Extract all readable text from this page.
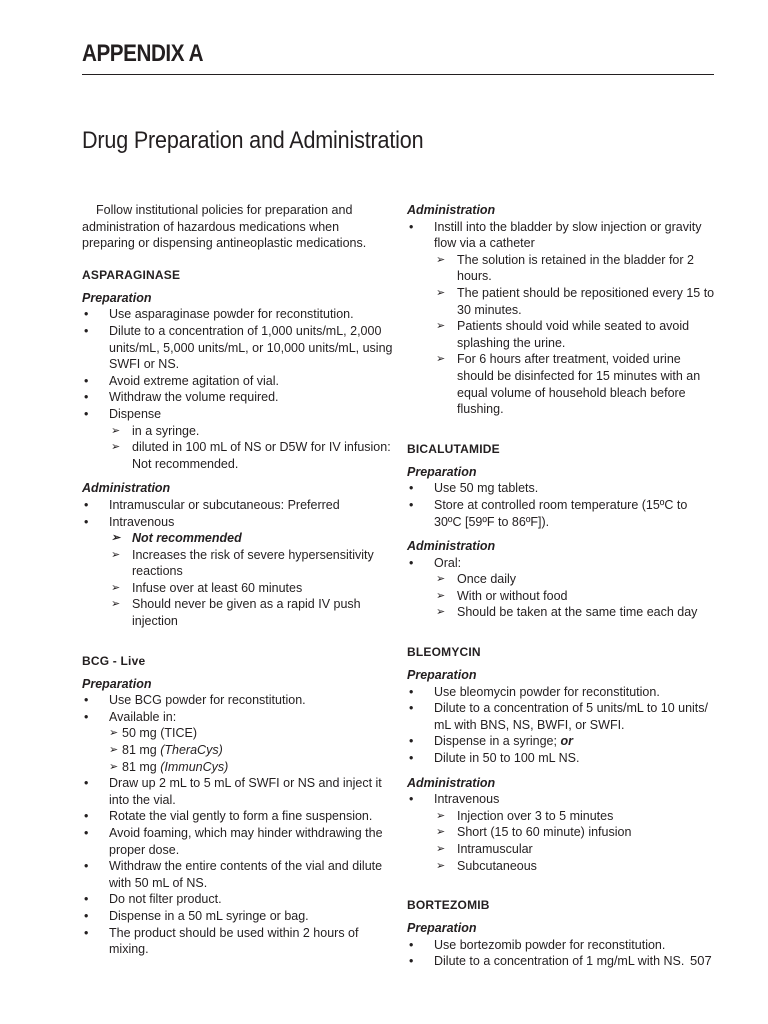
APPENDIX A
Drug Preparation and Administration

Follow institutional policies for preparation and administration of hazardous medications when preparing or dispensing antineoplastic medications.

ASPARAGINASE
Preparation
• Use asparaginase powder for reconstitution.
• Dilute to a concentration of 1,000 units/mL, 2,000 units/mL, 5,000 units/mL, or 10,000 units/mL, using SWFI or NS.
• Avoid extreme agitation of vial.
• Withdraw the volume required.
• Dispense
➢ in a syringe.
➢ diluted in 100 mL of NS or D5W for IV infusion: Not recommended.
Administration
• Intramuscular or subcutaneous: Preferred
• Intravenous
➢ Not recommended
➢ Increases the risk of severe hypersensitivity reactions
➢ Infuse over at least 60 minutes
➢ Should never be given as a rapid IV push injection
BCG - Live
Preparation
• Use BCG powder for reconstitution.
• Available in:
➢ 50 mg (TICE)
➢ 81 mg (TheraCys)
➢ 81 mg (ImmunCys)
• Draw up 2 mL to 5 mL of SWFI or NS and inject it into the vial.
• Rotate the vial gently to form a fine suspension.
• Avoid foaming, which may hinder withdrawing the proper dose.
• Withdraw the entire contents of the vial and dilute with 50 mL of NS.
• Do not filter product.
• Dispense in a 50 mL syringe or bag.
• The product should be used within 2 hours of mixing.
Administration
• Instill into the bladder by slow injection or gravity flow via a catheter
➢ The solution is retained in the bladder for 2 hours.
➢ The patient should be repositioned every 15 to 30 minutes.
➢ Patients should void while seated to avoid splashing the urine.
➢ For 6 hours after treatment, voided urine should be disinfected for 15 minutes with an equal volume of household bleach before flushing.
BICALUTAMIDE
Preparation
• Use 50 mg tablets.
• Store at controlled room temperature (15ºC to 30ºC [59ºF to 86ºF]).
Administration
• Oral:
➢ Once daily
➢ With or without food
➢ Should be taken at the same time each day
BLEOMYCIN
Preparation
• Use bleomycin powder for reconstitution.
• Dilute to a concentration of 5 units/mL to 10 units/ mL with BNS, NS, BWFI, or SWFI.
• Dispense in a syringe; or
• Dilute in 50 to 100 mL NS.
Administration
• Intravenous
➢ Injection over 3 to 5 minutes
➢ Short (15 to 60 minute) infusion
➢ Intramuscular
➢ Subcutaneous
BORTEZOMIB
Preparation
• Use bortezomib powder for reconstitution.
• Dilute to a concentration of 1 mg/mL with NS. 507
